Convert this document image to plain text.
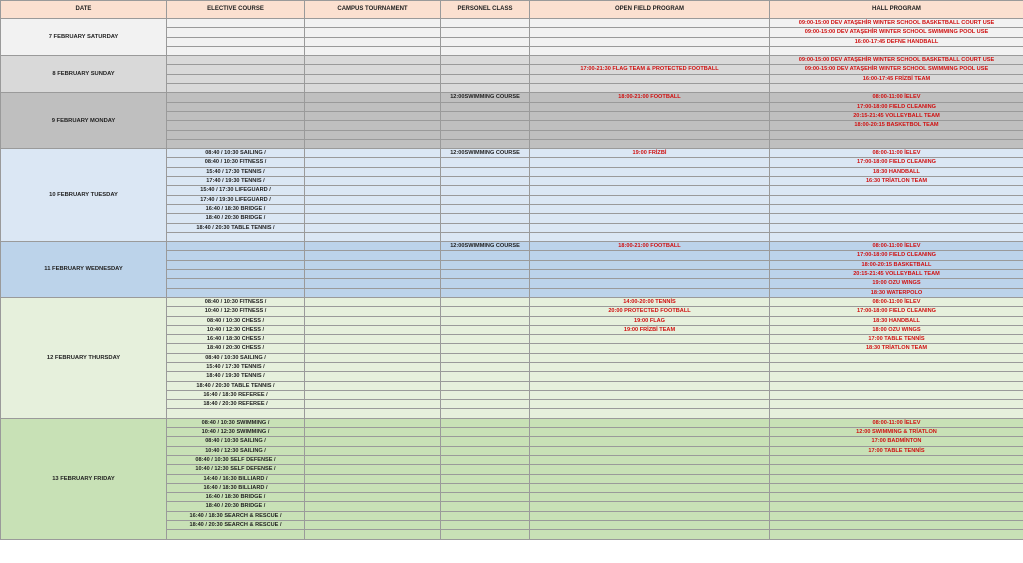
DATE	ELECTIVE COURSE	CAMPUS TOURNAMENT	PERSONEL CLASS	OPEN FIELD PROGRAM	HALL PROGRAM
7 FEBRUARY SATURDAY					09:00-15:00 DEV ATAŞEHİR WINTER SCHOOL BASKETBALL COURT USE
					09:00-15:00 DEV ATAŞEHİR WINTER SCHOOL SWIMMING POOL USE
					16:00-17:45 DEFNE HANDBALL

8 FEBRUARY SUNDAY					09:00-15:00 DEV ATAŞEHİR WINTER SCHOOL BASKETBALL COURT USE
				17:00-21:30 FLAG TEAM & PROTECTED FOOTBALL	09:00-15:00 DEV ATAŞEHİR WINTER SCHOOL SWIMMING POOL USE
					16:00-17:45 FRİZBİ TEAM

9 FEBRUARY MONDAY			12:00SWIMMING COURSE	18:00-21:00 FOOTBALL	08:00-11:00 İELEV
					17:00-18:00 FIELD CLEANING
					20:15-21:45 VOLLEYBALL TEAM
					18:00-20:15 BASKETBOL TEAM

10 FEBRUARY TUESDAY	08:40 / 10:30 SAILING /		12:00SWIMMING COURSE	19:00 FRİZBİ	08:00-11:00 İELEV
	08:40 / 10:30 FITNESS /				17:00-18:00 FIELD CLEANING
	15:40 / 17:30 TENNIS /				18:30 HANDBALL
	17:40 / 19:30 TENNIS /				16:30 TRİATLON TEAM
	15:40 / 17:30 LIFEGUARD /				
	17:40 / 19:30 LIFEGUARD /				
	16:40 / 18:30 BRIDGE /				
	18:40 / 20:30 BRIDGE /				
	18:40 / 20:30 TABLE TENNIS /				

11 FEBRUARY WEDNESDAY			12:00SWIMMING COURSE	18:00-21:00 FOOTBALL	08:00-11:00 İELEV
					17:00-18:00 FIELD CLEANING
					18:00-20:15 BASKETBALL
					20:15-21:45 VOLLEYBALL TEAM
					19:00 OZU WINGS
					18:30 WATERPOLO
12 FEBRUARY THURSDAY	08:40 / 10:30 FITNESS /			14:00-20:00 TENNİS	08:00-11:00 İELEV
	10:40 / 12:30 FITNESS /			20:00 PROTECTED FOOTBALL	17:00-18:00 FIELD CLEANING
	08:40 / 10:30 CHESS /			19:00 FLAG	18:30 HANDBALL
	10:40 / 12:30 CHESS /			19:00 FRİZBİ TEAM	18:00 OZU WINGS
	16:40 / 18:30 CHESS /				17:00 TABLE TENNİS
	18:40 / 20:30 CHESS /				18:30 TRİATLON TEAM
	08:40 / 10:30 SAILING /				
	15:40 / 17:30 TENNIS /				
	18:40 / 19:30 TENNIS /				
	18:40 / 20:30 TABLE TENNIS /				
	16:40 / 18:30 REFEREE /				
	18:40 / 20:30 REFEREE /				

13 FEBRUARY FRIDAY	08:40 / 10:30 SWIMMING /				08:00-11:00 İELEV
	10:40 / 12:30 SWIMMING /				12:00 SWIMMING & TRİATLON
	08:40 / 10:30 SAILING /				17:00 BADMİNTON
	10:40 / 12:30 SAILING /				17:00 TABLE TENNİS
	08:40 / 10:30 SELF DEFENSE /				
	10:40 / 12:30 SELF DEFENSE /				
	14:40 / 16:30 BILLIARD /				
	16:40 / 18:30 BILLIARD /				
	16:40 / 18:30 BRIDGE /				
	18:40 / 20:30 BRIDGE /				
	16:40 / 18:30 SEARCH & RESCUE /				
	18:40 / 20:30 SEARCH & RESCUE /				
